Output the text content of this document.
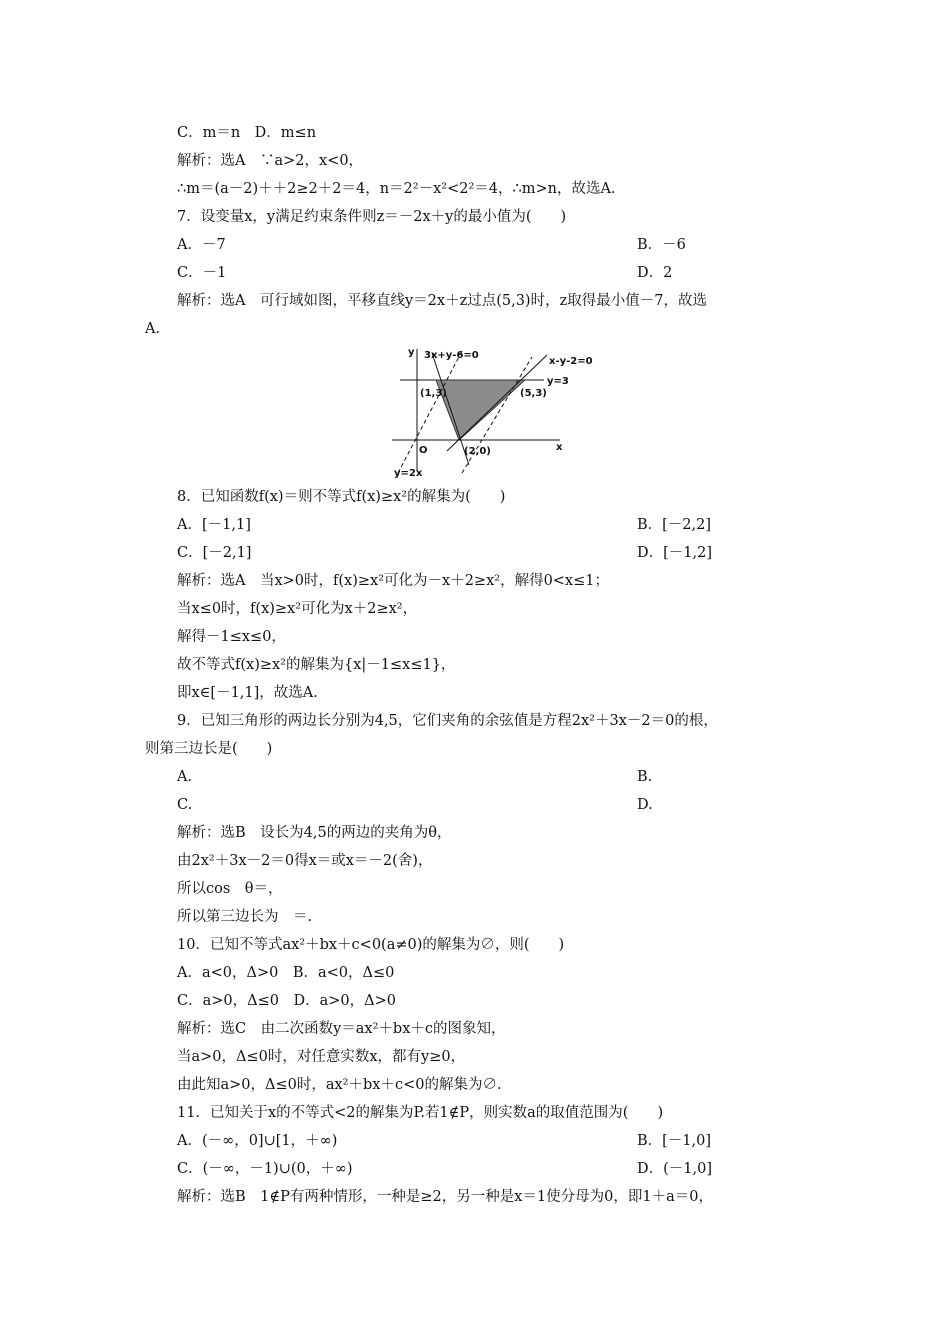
C．m＝n　D．m≤n
解析：选A　∵a>2，x<0，
∴m＝(a－2)＋＋2≥2＋2＝4，n＝2²－x²<2²＝4，∴m>n，故选A.
7．设变量x，y满足约束条件则z＝－2x＋y的最小值为(　　)
A．－7	B．－6
C．－1	D．2
解析：选A　可行域如图，平移直线y＝2x＋z过点(5,3)时，z取得最小值－7，故选
A.
y
x
O
3x+y-6=0
x-y-2=0
y=3
y=2x
(1,3)	(5,3)
(2,0)
8．已知函数f(x)＝则不等式f(x)≥x²的解集为(　　)
A．[－1,1]	B．[－2,2]
C．[－2,1]	D．[－1,2]
解析：选A　当x>0时，f(x)≥x²可化为－x＋2≥x²，解得0<x≤1；
当x≤0时，f(x)≥x²可化为x＋2≥x²，
解得－1≤x≤0，
故不等式f(x)≥x²的解集为{x|－1≤x≤1}，
即x∈[－1,1]，故选A.
9．已知三角形的两边长分别为4,5，它们夹角的余弦值是方程2x²＋3x－2＝0的根，
则第三边长是(　　)
A.	B.
C.	D.
解析：选B　设长为4,5的两边的夹角为θ，
由2x²＋3x－2＝0得x＝或x＝－2(舍)，
所以cos　θ＝，
所以第三边长为　＝.
10．已知不等式ax²＋bx＋c<0(a≠0)的解集为∅，则(　　)
A．a<0，Δ>0　B．a<0，Δ≤0
C．a>0，Δ≤0　D．a>0，Δ>0
解析：选C　由二次函数y＝ax²＋bx＋c的图象知，
当a>0，Δ≤0时，对任意实数x，都有y≥0，
由此知a>0，Δ≤0时，ax²＋bx＋c<0的解集为∅.
11．已知关于x的不等式<2的解集为P.若1∉P，则实数a的取值范围为(　　)
A．(－∞，0]∪[1，＋∞)	B．[－1,0]
C．(－∞，－1)∪(0，＋∞)	D．(－1,0]
解析：选B　1∉P有两种情形，一种是≥2，另一种是x＝1使分母为0，即1＋a＝0，
